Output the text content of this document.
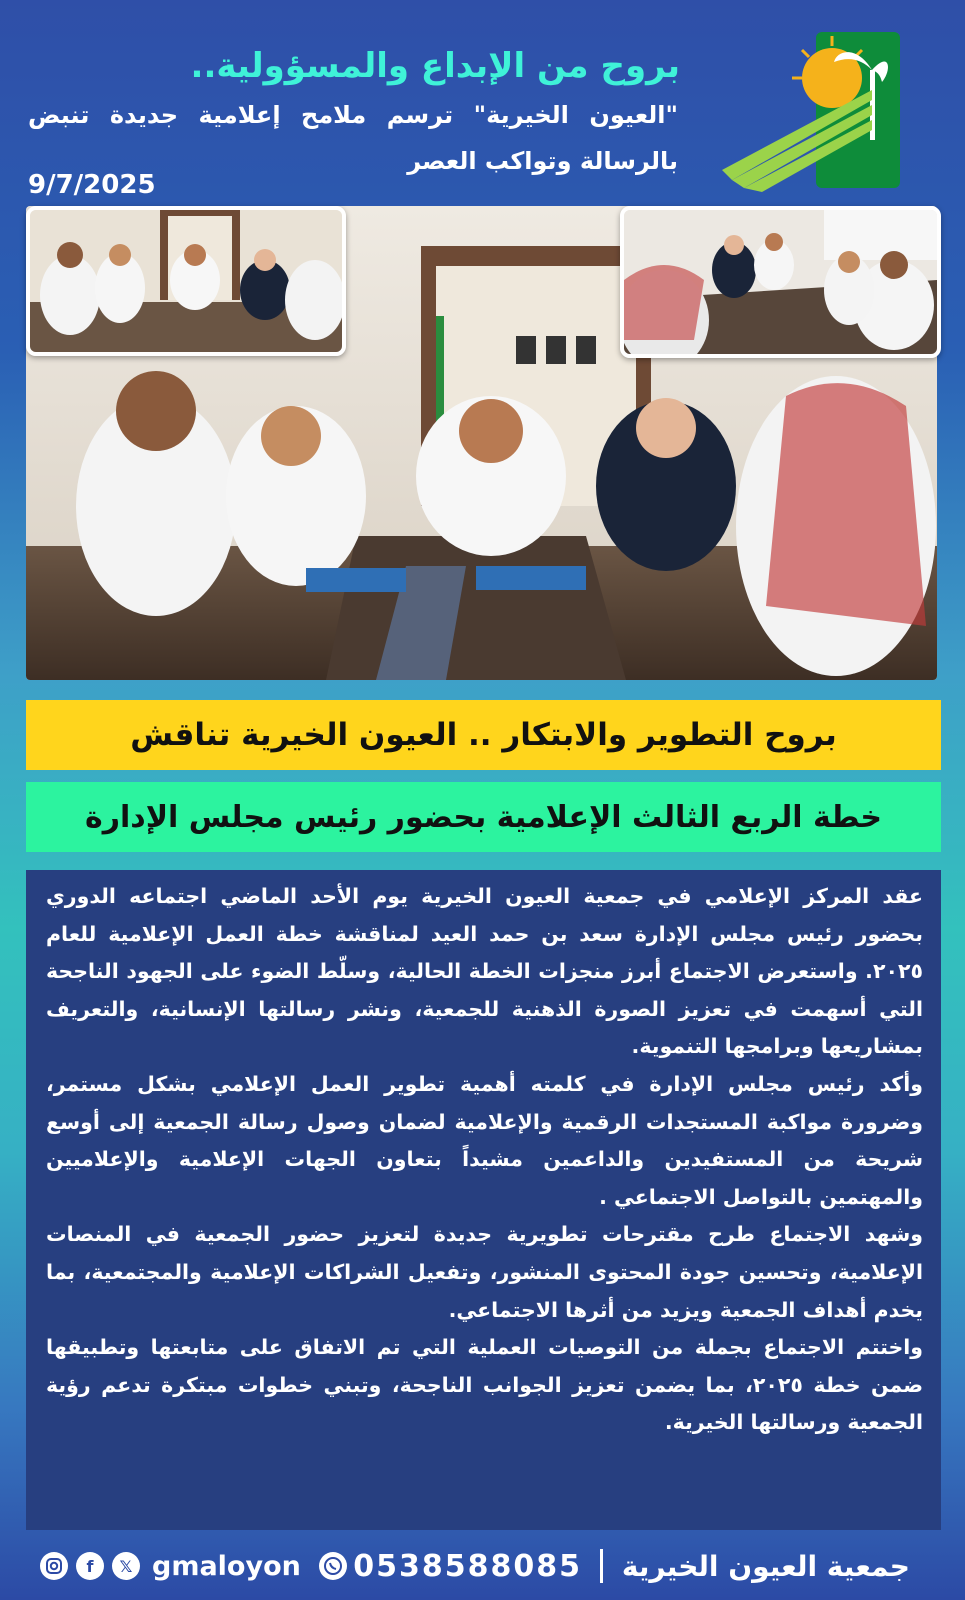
بروح من الإبداع والمسؤولية..

"العيون الخيرية" ترسم ملامح إعلامية جديدة تنبض بالرسالة وتواكب العصر

9/7/2025

بروح التطوير والابتكار .. العيون الخيرية تناقش
خطة الربع الثالث الإعلامية بحضور رئيس مجلس الإدارة

عقد المركز الإعلامي في جمعية العيون الخيرية يوم الأحد الماضي اجتماعه الدوري بحضور رئيس مجلس الإدارة سعد بن حمد العيد لمناقشة خطة العمل الإعلامية للعام ٢٠٢٥. واستعرض الاجتماع أبرز منجزات الخطة الحالية، وسلّط الضوء على الجهود الناجحة التي أسهمت في تعزيز الصورة الذهنية للجمعية، ونشر رسالتها الإنسانية، والتعريف بمشاريعها وبرامجها التنموية.

وأكد رئيس مجلس الإدارة في كلمته أهمية تطوير العمل الإعلامي بشكل مستمر، وضرورة مواكبة المستجدات الرقمية والإعلامية لضمان وصول رسالة الجمعية إلى أوسع شريحة من المستفيدين والداعمين مشيداً بتعاون الجهات الإعلامية والإعلاميين والمهتمين بالتواصل الاجتماعي .

وشهد الاجتماع طرح مقترحات تطويرية جديدة لتعزيز حضور الجمعية في المنصات الإعلامية، وتحسين جودة المحتوى المنشور، وتفعيل الشراكات الإعلامية والمجتمعية، بما يخدم أهداف الجمعية ويزيد من أثرها الاجتماعي.

واختتم الاجتماع بجملة من التوصيات العملية التي تم الاتفاق على متابعتها وتطبيقها ضمن خطة ٢٠٢٥، بما يضمن تعزيز الجوانب الناجحة، وتبني خطوات مبتكرة تدعم رؤية الجمعية ورسالتها الخيرية.

f	𝕏 gmaloyon 0538588085 جمعية العيون الخيرية
